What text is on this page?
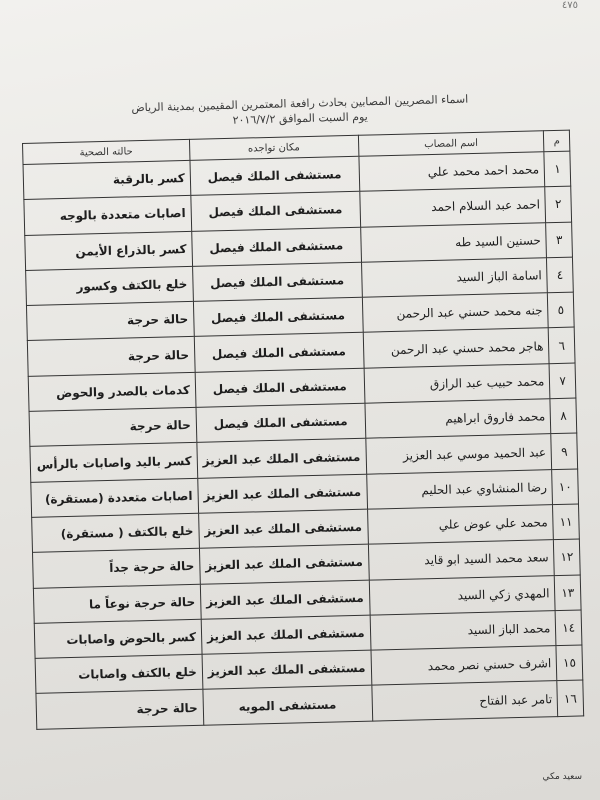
٤٧٥
اسماء المصريين المصابين بحادث رافعة المعتمرين المقيمين بمدينة الرياض
يوم السبت الموافق ٢٠١٦/٧/٢
م	اسم المصاب	مكان تواجده	حالته الصحية
١	محمد احمد محمد علي	مستشفى الملك فيصل	كسر بالرقبة
٢	احمد عبد السلام احمد	مستشفى الملك فيصل	اصابات متعددة بالوجه
٣	حسنين السيد طه	مستشفى الملك فيصل	كسر بالذراع الأيمن
٤	اسامة الباز السيد	مستشفى الملك فيصل	خلع بالكتف وكسور
٥	جنه محمد حسني عبد الرحمن	مستشفى الملك فيصل	حالة حرجة
٦	هاجر محمد حسني عبد الرحمن	مستشفى الملك فيصل	حالة حرجة
٧	محمد حبيب عبد الرازق	مستشفى الملك فيصل	كدمات بالصدر والحوض
٨	محمد فاروق ابراهيم	مستشفى الملك فيصل	حالة حرجة
٩	عبد الحميد موسي عبد العزيز	مستشفى الملك عبد العزيز	كسر باليد واصابات بالرأس
١٠	رضا المنشاوي عبد الحليم	مستشفى الملك عبد العزيز	اصابات متعددة (مستقرة)
١١	محمد علي عوض علي	مستشفى الملك عبد العزيز	خلع بالكتف ( مستقرة)
١٢	سعد محمد السيد ابو قايد	مستشفى الملك عبد العزيز	حالة حرجة جداً
١٣	المهدي زكي السيد	مستشفى الملك عبد العزيز	حالة حرجة نوعاً ما
١٤	محمد الباز السيد	مستشفى الملك عبد العزيز	كسر بالحوض واصابات
١٥	اشرف حسني نصر محمد	مستشفى الملك عبد العزيز	خلع بالكتف واصابات
١٦	تامر عبد الفتاح	مستشفى المويه	حالة حرجة
سعيد مكي
